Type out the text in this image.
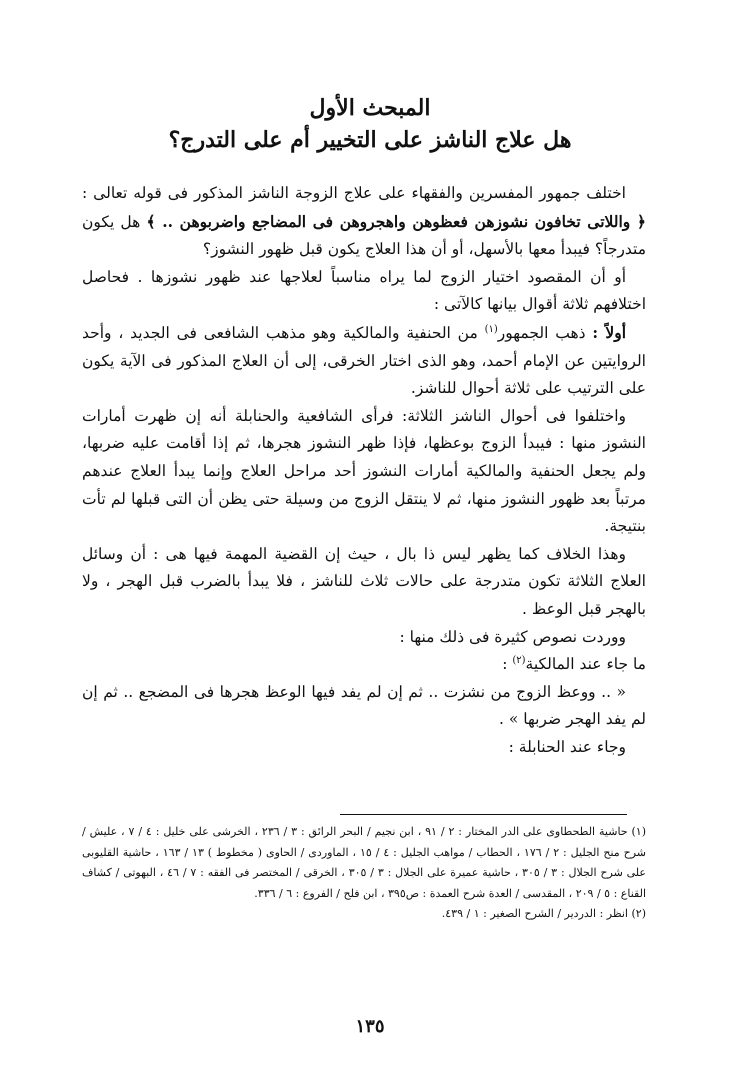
المبحث الأول
هل علاج الناشز على التخيير أم على التدرج؟

اختلف جمهور المفسرين والفقهاء على علاج الزوجة الناشز المذكور فى قوله تعالى : ﴿ واللاتى تخافون نشوزهن فعظوهن واهجروهن فى المضاجع واضربوهن .. ﴾ هل يكون متدرجاً؟ فيبدأ معها بالأسهل، أو أن هذا العلاج يكون قبل ظهور النشوز؟

أو أن المقصود اختيار الزوج لما يراه مناسباً لعلاجها عند ظهور نشوزها . فحاصل اختلافهم ثلاثة أقوال بيانها كالآتى :

أولاً : ذهب الجمهور$^{(١)}$ من الحنفية والمالكية وهو مذهب الشافعى فى الجديد ، وأحد الروايتين عن الإمام أحمد، وهو الذى اختار الخرقى، إلى أن العلاج المذكور فى الآية يكون على الترتيب على ثلاثة أحوال للناشز.

واختلفوا فى أحوال الناشز الثلاثة: فرأى الشافعية والحنابلة أنه إن ظهرت أمارات النشوز منها : فيبدأ الزوج بوعظها، فإذا ظهر النشوز هجرها، ثم إذا أقامت عليه ضربها، ولم يجعل الحنفية والمالكية أمارات النشوز أحد مراحل العلاج وإنما يبدأ العلاج عندهم مرتباً بعد ظهور النشوز منها، ثم لا ينتقل الزوج من وسيلة حتى يظن أن التى قبلها لم تأت بنتيجة.

وهذا الخلاف كما يظهر ليس ذا بال ، حيث إن القضية المهمة فيها هى : أن وسائل العلاج الثلاثة تكون متدرجة على حالات ثلاث للناشز ، فلا يبدأ بالضرب قبل الهجر ، ولا بالهجر قبل الوعظ .

ووردت نصوص كثيرة فى ذلك منها :

ما جاء عند المالكية$^{(٢)}$ :

« .. ووعظ الزوج من نشزت .. ثم إن لم يفد فيها الوعظ هجرها فى المضجع .. ثم إن لم يفد الهجر ضربها » .

وجاء عند الحنابلة :

(١) حاشية الطحطاوى على الدر المختار : ٢ / ٩١ ، ابن نجيم / البحر الرائق : ٣ / ٢٣٦ ، الخرشى على خليل : ٤ / ٧ ، عليش / شرح منح الجليل : ٢ / ١٧٦ ، الحطاب / مواهب الجليل : ٤ / ١٥ ، الماوردى / الحاوى ( مخطوط ) ١٣ / ١٦٣ ، حاشية القليوبى على شرح الجلال : ٣ / ٣٠٥ ، حاشية عميرة على الجلال : ٣ / ٣٠٥ ، الخرقى / المختصر فى الفقه : ٧ / ٤٦ ، البهوتى / كشاف القناع : ٥ / ٢٠٩ ، المقدسى / العدة شرح العمدة : ص٣٩٥ ، ابن فلح / الفروع : ٦ / ٣٣٦.

(٢) انظر : الدردير / الشرح الصغير : ١ / ٤٣٩.

١٣٥
